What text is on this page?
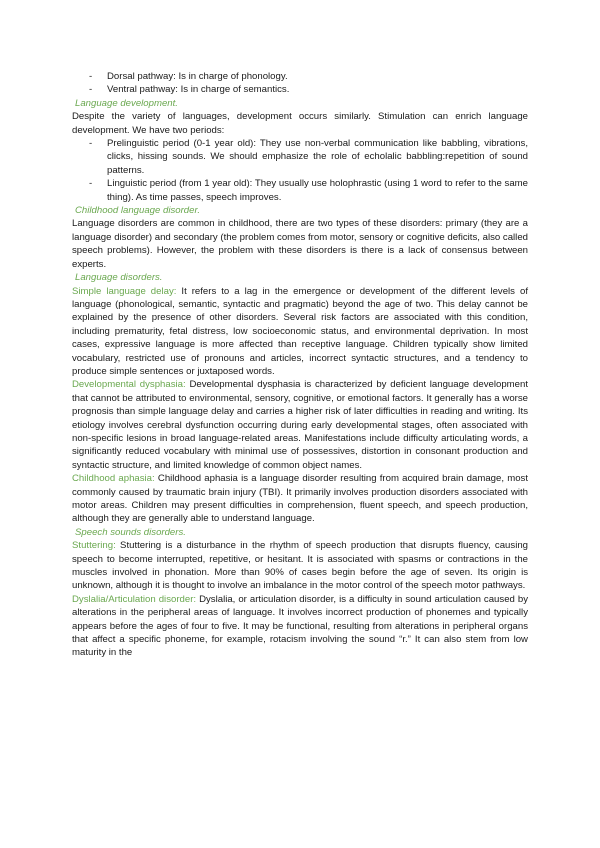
- Dorsal pathway: Is in charge of phonology.
- Ventral pathway: Is in charge of semantics.
Language development.

Despite the variety of languages, development occurs similarly. Stimulation can enrich language development. We have two periods:

- Prelinguistic period (0-1 year old): They use non-verbal communication like babbling, vibrations, clicks, hissing sounds. We should emphasize the role of echolalic babbling:repetition of sound patterns.
- Linguistic period (from 1 year old): They usually use holophrastic (using 1 word to refer to the same thing). As time passes, speech improves.
Childhood language disorder.

Language disorders are common in childhood, there are two types of these disorders: primary (they are a language disorder) and secondary (the problem comes from motor, sensory or cognitive deficits, also called speech problems). However, the problem with these disorders is there is a lack of consensus between experts.

Language disorders.

Simple language delay: It refers to a lag in the emergence or development of the different levels of language (phonological, semantic, syntactic and pragmatic) beyond the age of two. This delay cannot be explained by the presence of other disorders. Several risk factors are associated with this condition, including prematurity, fetal distress, low socioeconomic status, and environmental deprivation. In most cases, expressive language is more affected than receptive language. Children typically show limited vocabulary, restricted use of pronouns and articles, incorrect syntactic structures, and a tendency to produce simple sentences or juxtaposed words.

Developmental dysphasia: Developmental dysphasia is characterized by deficient language development that cannot be attributed to environmental, sensory, cognitive, or emotional factors. It generally has a worse prognosis than simple language delay and carries a higher risk of later difficulties in reading and writing. Its etiology involves cerebral dysfunction occurring during early developmental stages, often associated with non-specific lesions in broad language-related areas. Manifestations include difficulty articulating words, a significantly reduced vocabulary with minimal use of possessives, distortion in consonant production and syntactic structure, and limited knowledge of common object names.

Childhood aphasia: Childhood aphasia is a language disorder resulting from acquired brain damage, most commonly caused by traumatic brain injury (TBI). It primarily involves production disorders associated with motor areas. Children may present difficulties in comprehension, fluent speech, and speech production, although they are generally able to understand language.

Speech sounds disorders.

Stuttering: Stuttering is a disturbance in the rhythm of speech production that disrupts fluency, causing speech to become interrupted, repetitive, or hesitant. It is associated with spasms or contractions in the muscles involved in phonation. More than 90% of cases begin before the age of seven. Its origin is unknown, although it is thought to involve an imbalance in the motor control of the speech motor pathways.

Dyslalia/Articulation disorder: Dyslalia, or articulation disorder, is a difficulty in sound articulation caused by alterations in the peripheral areas of language. It involves incorrect production of phonemes and typically appears before the ages of four to five. It may be functional, resulting from alterations in peripheral organs that affect a specific phoneme, for example, rotacism involving the sound “r.” It can also stem from low maturity in the
